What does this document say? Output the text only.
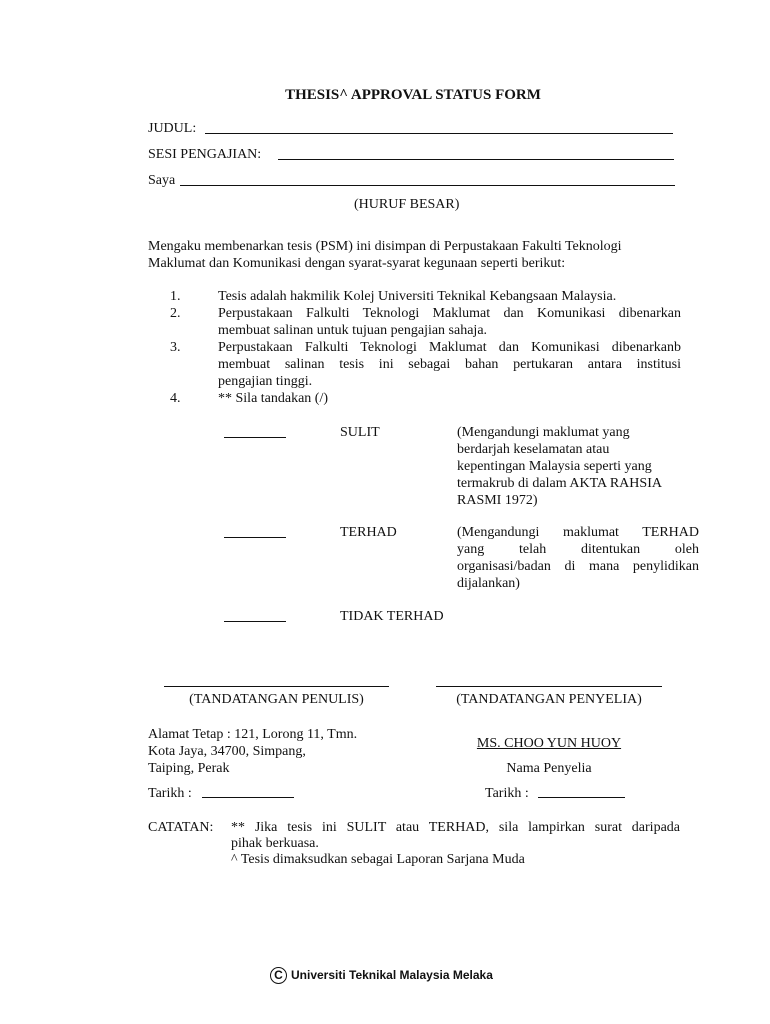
THESIS^ APPROVAL STATUS FORM
JUDUL:
SESI PENGAJIAN:
Saya
(HURUF BESAR)
Mengaku membenarkan tesis (PSM) ini disimpan di Perpustakaan Fakulti Teknologi
Maklumat dan Komunikasi dengan syarat-syarat kegunaan seperti berikut:
1.	Tesis adalah hakmilik Kolej Universiti Teknikal Kebangsaan Malaysia.
2.	Perpustakaan Falkulti Teknologi Maklumat dan Komunikasi dibenarkan
membuat salinan untuk tujuan pengajian sahaja.
3.	Perpustakaan Falkulti Teknologi Maklumat dan Komunikasi dibenarkanb
membuat salinan tesis ini sebagai bahan pertukaran antara institusi
pengajian tinggi.
4.	** Sila tandakan (/)
SULIT	(Mengandungi maklumat yang
berdarjah keselamatan atau
kepentingan Malaysia seperti yang
termakrub di dalam AKTA RAHSIA
RASMI 1972)
TERHAD	(Mengandungi maklumat TERHAD
yang telah ditentukan oleh
organisasi/badan di mana penylidikan
dijalankan)
TIDAK TERHAD
(TANDATANGAN PENULIS)	(TANDATANGAN PENYELIA)
Alamat Tetap : 121, Lorong 11, Tmn.
Kota Jaya, 34700, Simpang,
Taiping, Perak
MS. CHOO YUN HUOY
Nama Penyelia
Tarikh :	Tarikh :
CATATAN: ** Jika tesis ini SULIT atau TERHAD, sila lampirkan surat daripada
pihak berkuasa.
^ Tesis dimaksudkan sebagai Laporan Sarjana Muda
C Universiti Teknikal Malaysia Melaka
